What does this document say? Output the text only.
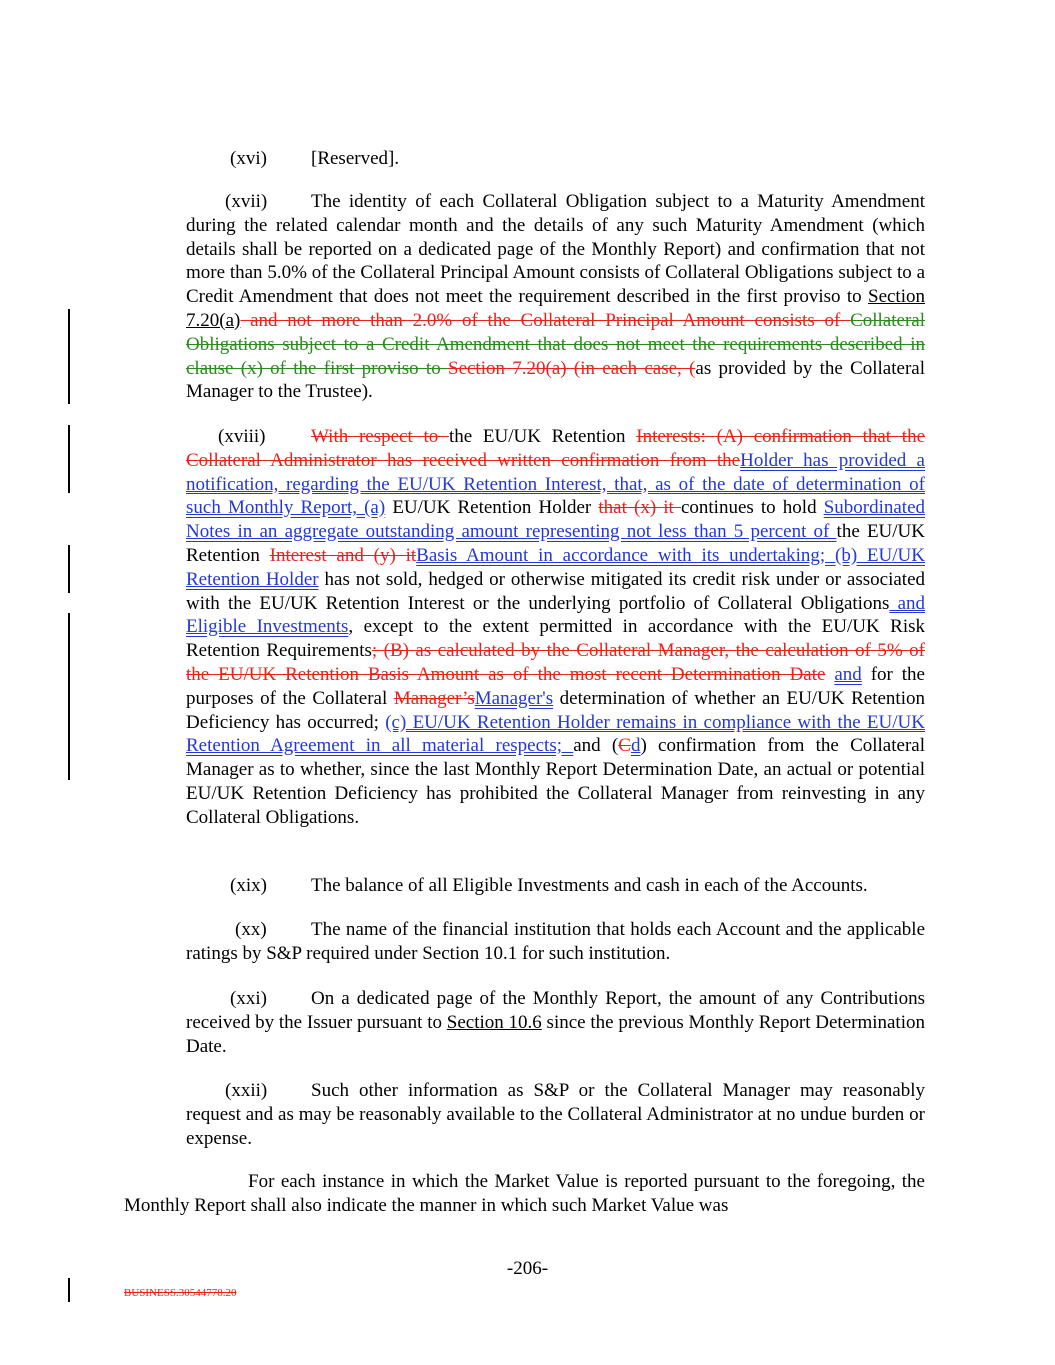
(xvi) [Reserved].

(xvii) The identity of each Collateral Obligation subject to a Maturity Amendment during the related calendar month and the details of any such Maturity Amendment (which details shall be reported on a dedicated page of the Monthly Report) and confirmation that not more than 5.0% of the Collateral Principal Amount consists of Collateral Obligations subject to a Credit Amendment that does not meet the requirement described in the first proviso to Section 7.20(a) and not more than 2.0% of the Collateral Principal Amount consists of Collateral Obligations subject to a Credit Amendment that does not meet the requirements described in clause (x) of the first proviso to Section 7.20(a) (in each case, (as provided by the Collateral Manager to the Trustee).

(xviii) With respect to the EU/UK Retention Interests: (A) confirmation that the Collateral Administrator has received written confirmation from theHolder has provided a notification, regarding the EU/UK Retention Interest, that, as of the date of determination of such Monthly Report, (a) EU/UK Retention Holder that (x) it continues to hold Subordinated Notes in an aggregate outstanding amount representing not less than 5 percent of the EU/UK Retention Interest and (y) itBasis Amount in accordance with its undertaking; (b) EU/UK Retention Holder has not sold, hedged or otherwise mitigated its credit risk under or associated with the EU/UK Retention Interest or the underlying portfolio of Collateral Obligations and Eligible Investments, except to the extent permitted in accordance with the EU/UK Risk Retention Requirements; (B) as calculated by the Collateral Manager, the calculation of 5% of the EU/UK Retention Basis Amount as of the most recent Determination Date and for the purposes of the Collateral Manager’sManager's determination of whether an EU/UK Retention Deficiency has occurred; (c) EU/UK Retention Holder remains in compliance with the EU/UK Retention Agreement in all material respects; and (Cd) confirmation from the Collateral Manager as to whether, since the last Monthly Report Determination Date, an actual or potential EU/UK Retention Deficiency has prohibited the Collateral Manager from reinvesting in any Collateral Obligations.

(xix) The balance of all Eligible Investments and cash in each of the Accounts.

(xx) The name of the financial institution that holds each Account and the applicable ratings by S&P required under Section 10.1 for such institution.

(xxi) On a dedicated page of the Monthly Report, the amount of any Contributions received by the Issuer pursuant to Section 10.6 since the previous Monthly Report Determination Date.

(xxii) Such other information as S&P or the Collateral Manager may reasonably request and as may be reasonably available to the Collateral Administrator at no undue burden or expense.

For each instance in which the Market Value is reported pursuant to the foregoing, the Monthly Report shall also indicate the manner in which such Market Value was

-206-
BUSINESS.30544778.20
